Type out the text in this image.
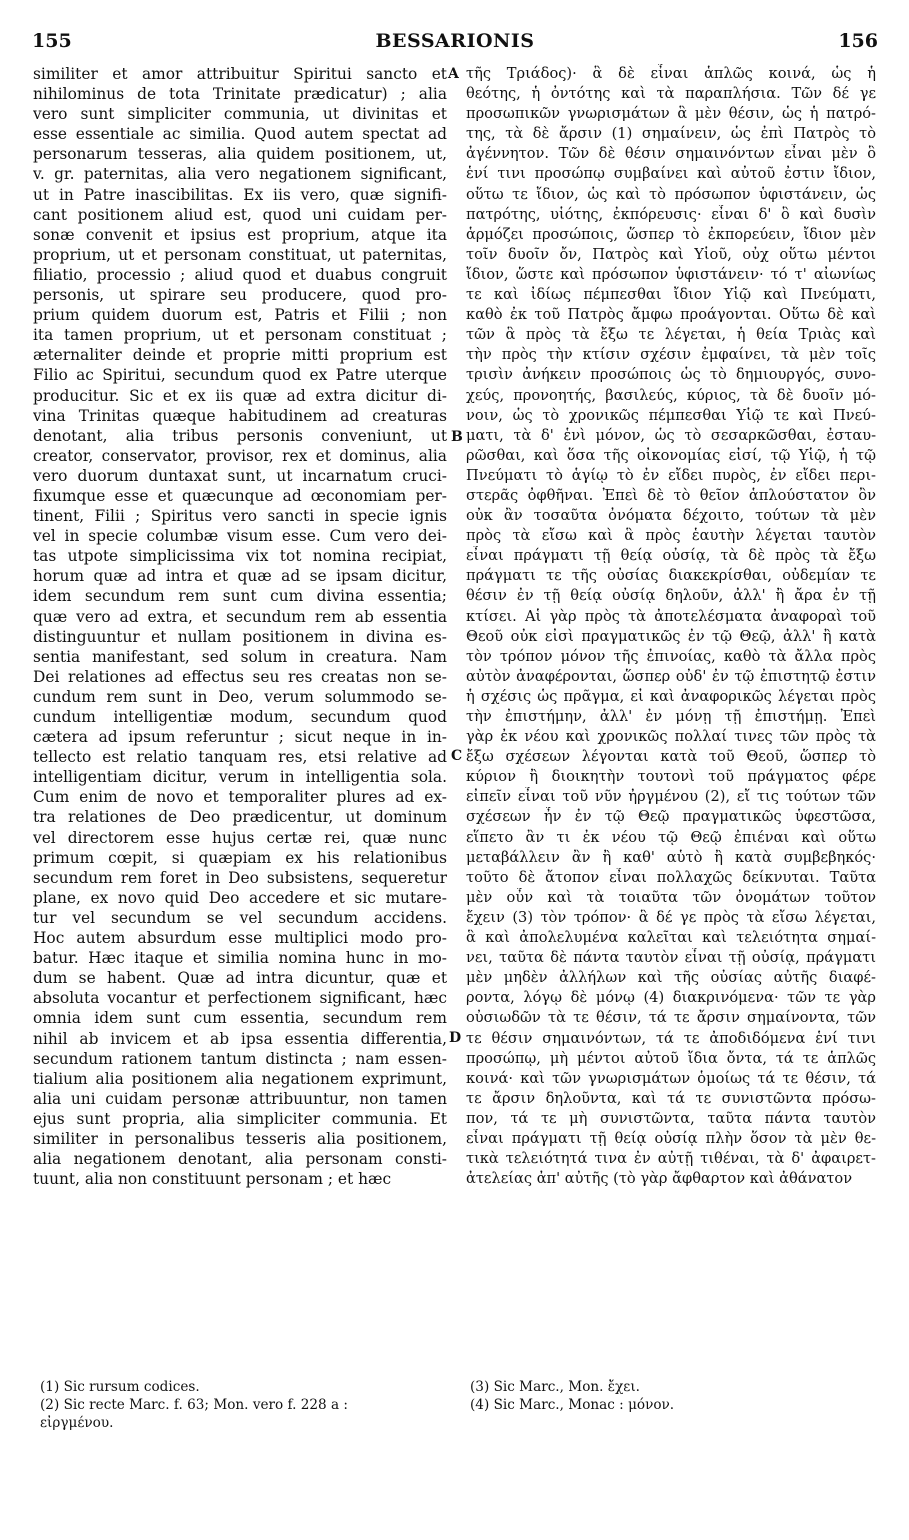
155	BESSARIONIS	156
similiter et amor attribuitur Spiritui sancto et
nihilominus de tota Trinitate prædicatur) ; alia
vero sunt simpliciter communia, ut divinitas et
esse essentiale ac similia. Quod autem spectat ad
personarum tesseras, alia quidem positionem, ut,
v. gr. paternitas, alia vero negationem significant,
ut in Patre inascibilitas. Ex iis vero, quæ signifi-
cant positionem aliud est, quod uni cuidam per-
sonæ convenit et ipsius est proprium, atque ita
proprium, ut et personam constituat, ut paternitas,
filiatio, processio ; aliud quod et duabus congruit
personis, ut spirare seu producere, quod pro-
prium quidem duorum est, Patris et Filii ; non
ita tamen proprium, ut et personam constituat ;
æternaliter deinde et proprie mitti proprium est
Filio ac Spiritui, secundum quod ex Patre uterque
producitur. Sic et ex iis quæ ad extra dicitur di-
vina Trinitas quæque habitudinem ad creaturas
denotant, alia tribus personis conveniunt, ut
creator, conservator, provisor, rex et dominus, alia
vero duorum duntaxat sunt, ut incarnatum cruci-
fixumque esse et quæcunque ad œconomiam per-
tinent, Filii ; Spiritus vero sancti in specie ignis
vel in specie columbæ visum esse. Cum vero dei-
tas utpote simplicissima vix tot nomina recipiat,
horum quæ ad intra et quæ ad se ipsam dicitur,
idem secundum rem sunt cum divina essentia;
quæ vero ad extra, et secundum rem ab essentia
distinguuntur et nullam positionem in divina es-
sentia manifestant, sed solum in creatura. Nam
Dei relationes ad effectus seu res creatas non se-
cundum rem sunt in Deo, verum solummodo se-
cundum intelligentiæ modum, secundum quod
cætera ad ipsum referuntur ; sicut neque in in-
tellecto est relatio tanquam res, etsi relative ad
intelligentiam dicitur, verum in intelligentia sola.
Cum enim de novo et temporaliter plures ad ex-
tra relationes de Deo prædicentur, ut dominum
vel directorem esse hujus certæ rei, quæ nunc
primum cœpit, si quæpiam ex his relationibus
secundum rem foret in Deo subsistens, sequeretur
plane, ex novo quid Deo accedere et sic mutare-
tur vel secundum se vel secundum accidens.
Hoc autem absurdum esse multiplici modo pro-
batur. Hæc itaque et similia nomina hunc in mo-
dum se habent. Quæ ad intra dicuntur, quæ et
absoluta vocantur et perfectionem significant, hæc
omnia idem sunt cum essentia, secundum rem
nihil ab invicem et ab ipsa essentia differentia,
secundum rationem tantum distincta ; nam essen-
tialium alia positionem alia negationem exprimunt,
alia uni cuidam personæ attribuuntur, non tamen
ejus sunt propria, alia simpliciter communia. Et
similiter in personalibus tesseris alia positionem,
alia negationem denotant, alia personam consti-
tuunt, alia non constituunt personam ; et hæc
τῆς Τριάδος)· ἃ δὲ εἶναι ἁπλῶς κοινά, ὡς ἡ
θεότης, ἡ ὀντότης καὶ τὰ παραπλήσια. Τῶν δέ γε
προσωπικῶν γνωρισμάτων ἃ μὲν θέσιν, ὡς ἡ πατρό-
της, τὰ δὲ ἄρσιν (1) σημαίνειν, ὡς ἐπὶ Πατρὸς τὸ
ἀγέννητον. Τῶν δὲ θέσιν σημαινόντων εἶναι μὲν ὃ
ἑνί τινι προσώπῳ συμβαίνει καὶ αὐτοῦ ἐστιν ἴδιον,
οὕτω τε ἴδιον, ὡς καὶ τὸ πρόσωπον ὑφιστάνειν, ὡς
πατρότης, υἱότης, ἐκπόρευσις· εἶναι δ' ὃ καὶ δυσὶν
ἁρμόζει προσώποις, ὥσπερ τὸ ἐκπορεύειν, ἴδιον μὲν
τοῖν δυοῖν ὄν, Πατρὸς καὶ Υἱοῦ, οὐχ οὕτω μέντοι
ἴδιον, ὥστε καὶ πρόσωπον ὑφιστάνειν· τό τ' αἰωνίως
τε καὶ ἰδίως πέμπεσθαι ἴδιον Υἱῷ καὶ Πνεύματι,
καθὸ ἐκ τοῦ Πατρὸς ἄμφω προάγονται. Οὕτω δὲ καὶ
τῶν ἃ πρὸς τὰ ἔξω τε λέγεται, ἡ θεία Τριὰς καὶ
τὴν πρὸς τὴν κτίσιν σχέσιν ἐμφαίνει, τὰ μὲν τοῖς
τρισὶν ἀνήκειν προσώποις ὡς τὸ δημιουργός, συνο-
χεύς, προνοητής, βασιλεύς, κύριος, τὰ δὲ δυοῖν μό-
νοιν, ὡς τὸ χρονικῶς πέμπεσθαι Υἱῷ τε καὶ Πνεύ-
ματι, τὰ δ' ἑνὶ μόνον, ὡς τὸ σεσαρκῶσθαι, ἐσταυ-
ρῶσθαι, καὶ ὅσα τῆς οἰκονομίας εἰσί, τῷ Υἱῷ, ἡ τῷ
Πνεύματι τὸ ἁγίῳ τὸ ἐν εἴδει πυρὸς, ἐν εἴδει περι-
στερᾶς ὀφθῆναι. Ἐπεὶ δὲ τὸ θεῖον ἁπλούστατον ὂν
οὐκ ἂν τοσαῦτα ὀνόματα δέχοιτο, τούτων τὰ μὲν
πρὸς τὰ εἴσω καὶ ἃ πρὸς ἑαυτὴν λέγεται ταυτὸν
εἶναι πράγματι τῇ θείᾳ οὐσίᾳ, τὰ δὲ πρὸς τὰ ἔξω
πράγματι τε τῆς οὐσίας διακεκρίσθαι, οὐδεμίαν τε
θέσιν ἐν τῇ θείᾳ οὐσίᾳ δηλοῦν, ἀλλ' ἢ ἄρα ἐν τῇ
κτίσει. Αἱ γὰρ πρὸς τὰ ἀποτελέσματα ἀναφοραὶ τοῦ
Θεοῦ οὐκ εἰσὶ πραγματικῶς ἐν τῷ Θεῷ, ἀλλ' ἢ κατὰ
τὸν τρόπον μόνον τῆς ἐπινοίας, καθὸ τὰ ἄλλα πρὸς
αὐτὸν ἀναφέρονται, ὥσπερ οὐδ' ἐν τῷ ἐπιστητῷ ἐστιν
ἡ σχέσις ὡς πρᾶγμα, εἰ καὶ ἀναφορικῶς λέγεται πρὸς
τὴν ἐπιστήμην, ἀλλ' ἐν μόνῃ τῇ ἐπιστήμῃ. Ἐπεὶ
γὰρ ἐκ νέου καὶ χρονικῶς πολλαί τινες τῶν πρὸς τὰ
ἔξω σχέσεων λέγονται κατὰ τοῦ Θεοῦ, ὥσπερ τὸ
κύριον ἢ διοικητὴν τουτονὶ τοῦ πράγματος φέρε
εἰπεῖν εἶναι τοῦ νῦν ἠργμένου (2), εἴ τις τούτων τῶν
σχέσεων ἦν ἐν τῷ Θεῷ πραγματικῶς ὑφεστῶσα,
εἵπετο ἂν τι ἐκ νέου τῷ Θεῷ ἐπιέναι καὶ οὕτω
μεταβάλλειν ἂν ἢ καθ' αὑτὸ ἢ κατὰ συμβεβηκός·
τοῦτο δὲ ἄτοπον εἶναι πολλαχῶς δείκνυται. Ταῦτα
μὲν οὖν καὶ τὰ τοιαῦτα τῶν ὀνομάτων τοῦτον
ἔχειν (3) τὸν τρόπον· ἃ δέ γε πρὸς τὰ εἴσω λέγεται,
ἃ καὶ ἀπολελυμένα καλεῖται καὶ τελειότητα σημαί-
νει, ταῦτα δὲ πάντα ταυτὸν εἶναι τῇ οὐσίᾳ, πράγματι
μὲν μηδὲν ἀλλήλων καὶ τῆς οὐσίας αὐτῆς διαφέ-
ροντα, λόγῳ δὲ μόνῳ (4) διακρινόμενα· τῶν τε γὰρ
οὐσιωδῶν τὰ τε θέσιν, τά τε ἄρσιν σημαίνοντα, τῶν
τε θέσιν σημαινόντων, τά τε ἀποδιδόμενα ἑνί τινι
προσώπῳ, μὴ μέντοι αὐτοῦ ἴδια ὄντα, τά τε ἁπλῶς
κοινά· καὶ τῶν γνωρισμάτων ὁμοίως τά τε θέσιν, τά
τε ἄρσιν δηλοῦντα, καὶ τά τε συνιστῶντα πρόσω-
πον, τά τε μὴ συνιστῶντα, ταῦτα πάντα ταυτὸν
εἶναι πράγματι τῇ θείᾳ οὐσίᾳ πλὴν ὅσον τὰ μὲν θε-
τικὰ τελειότητά τινα ἐν αὐτῇ τιθέναι, τὰ δ' ἀφαιρετ-
ἀτελείας ἀπ' αὐτῆς (τὸ γὰρ ἄφθαρτον καὶ ἀθάνατον
A
B
C
D
(1) Sic rursum codices.
(2) Sic recte Marc. f. 63; Mon. vero f. 228 a :
εἰργμένου.
(3) Sic Marc., Mon. ἔχει.
(4) Sic Marc., Monac : μόνον.
